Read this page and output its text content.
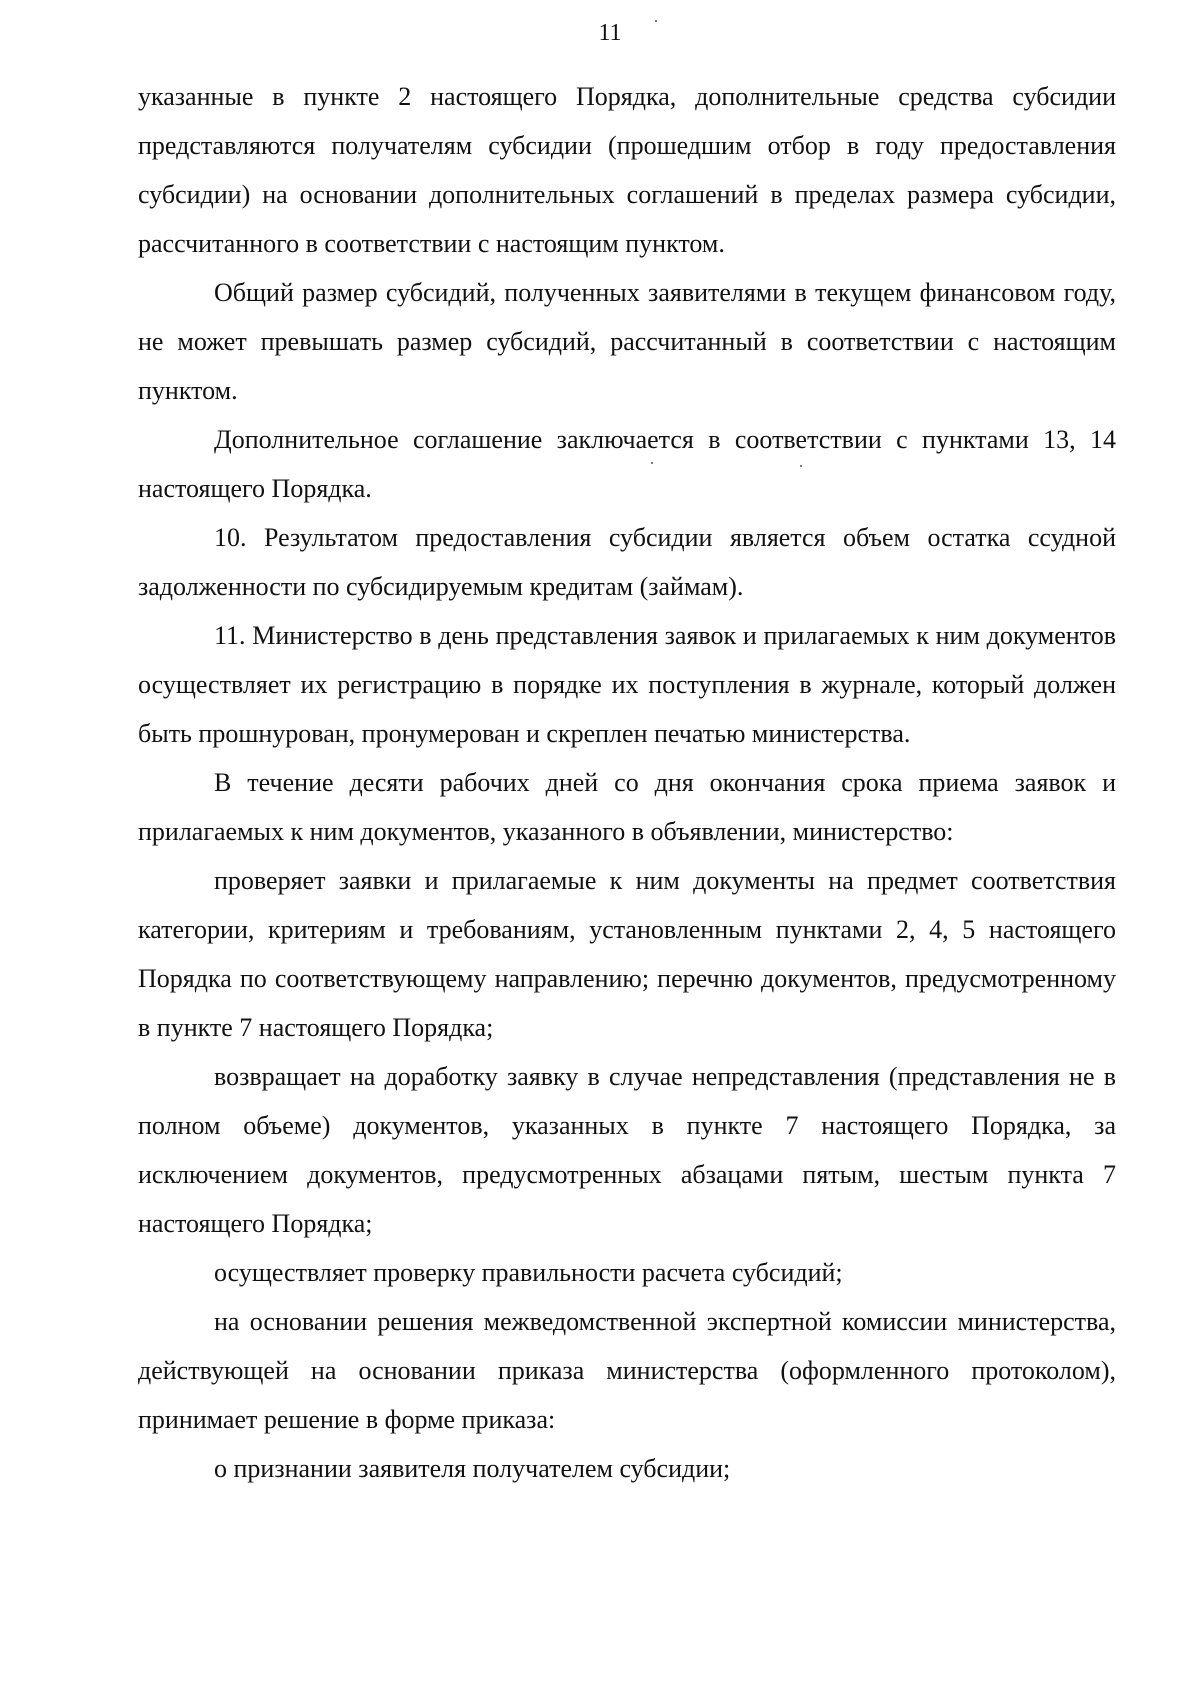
11

указанные в пункте 2 настоящего Порядка, дополнительные средства субсидии представляются получателям субсидии (прошедшим отбор в году предоставления субсидии) на основании дополнительных соглашений в пределах размера субсидии, рассчитанного в соответствии с настоящим пунктом.

Общий размер субсидий, полученных заявителями в текущем финансовом году, не может превышать размер субсидий, рассчитанный в соответствии с настоящим пунктом.

Дополнительное соглашение заключается в соответствии с пунктами 13, 14 настоящего Порядка.

10. Результатом предоставления субсидии является объем остатка ссудной задолженности по субсидируемым кредитам (займам).

11. Министерство в день представления заявок и прилагаемых к ним документов осуществляет их регистрацию в порядке их поступления в журнале, который должен быть прошнурован, пронумерован и скреплен печатью министерства.

В течение десяти рабочих дней со дня окончания срока приема заявок и прилагаемых к ним документов, указанного в объявлении, министерство:

проверяет заявки и прилагаемые к ним документы на предмет соответствия категории, критериям и требованиям, установленным пунктами 2, 4, 5 настоящего Порядка по соответствующему направлению; перечню документов, предусмотренному в пункте 7 настоящего Порядка;

возвращает на доработку заявку в случае непредставления (представления не в полном объеме) документов, указанных в пункте 7 настоящего Порядка, за исключением документов, предусмотренных абзацами пятым, шестым пункта 7 настоящего Порядка;

осуществляет проверку правильности расчета субсидий;

на основании решения межведомственной экспертной комиссии министерства, действующей на основании приказа министерства (оформленного протоколом), принимает решение в форме приказа:

о признании заявителя получателем субсидии;
